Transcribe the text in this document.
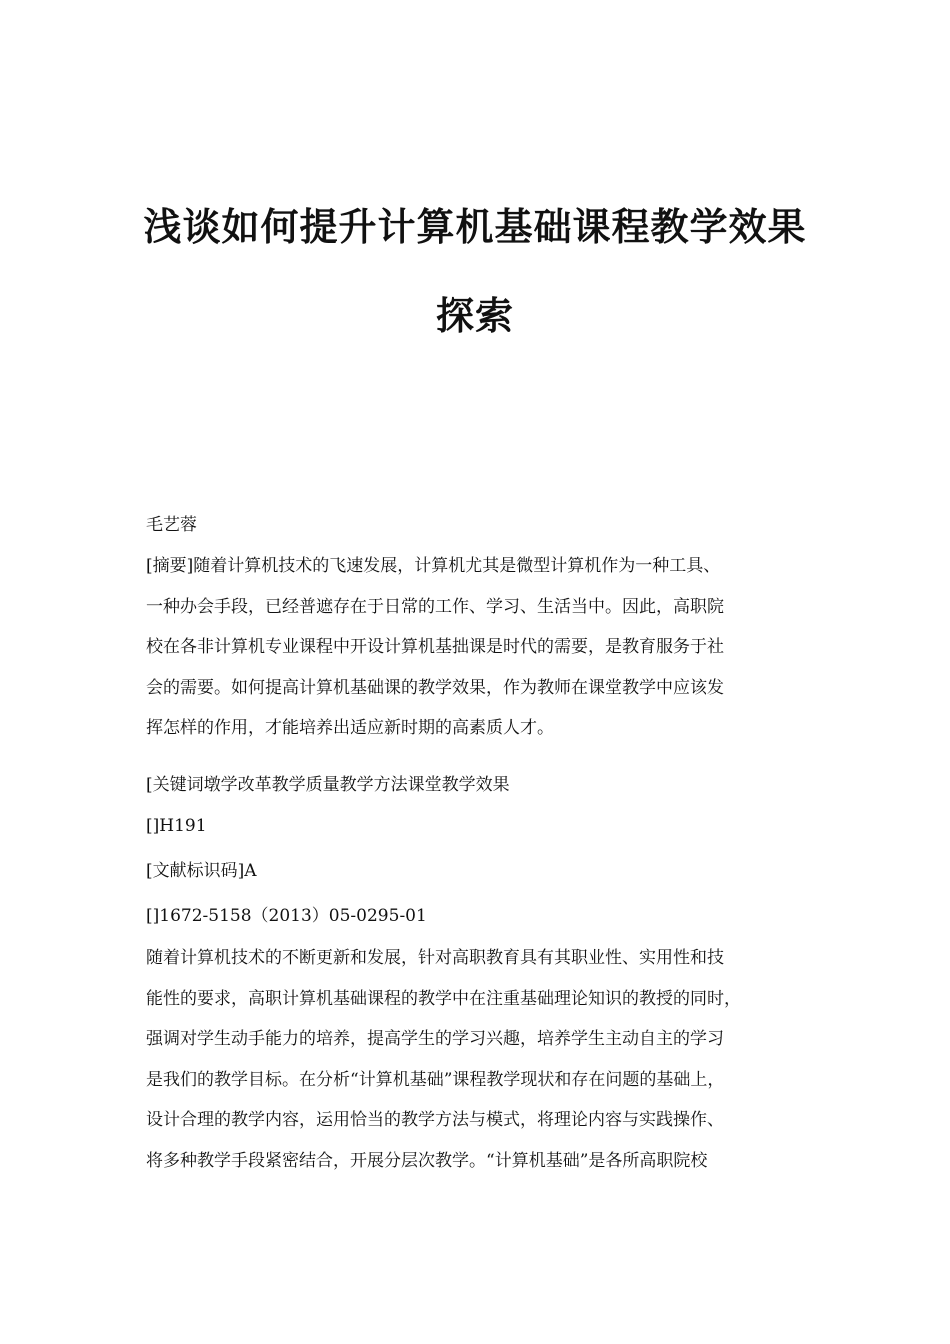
浅谈如何提升计算机基础课程教学效果
探索
毛艺蓉
[摘要]随着计算机技术的飞速发展，计算机尤其是微型计算机作为一种工具、
一种办会手段，已经普遮存在于日常的工作、学习、生活当中。因此，高职院
校在各非计算机专业课程中开设计算机基拙课是时代的需要，是教育服务于社
会的需要。如何提高计算机基础课的教学效果，作为教师在课堂教学中应该发
挥怎样的作用，才能培养出适应新时期的高素质人才。
[关键词墩学改革教学质量教学方法课堂教学效果
[]H191
[文献标识码]A
[]1672-5158（2013）05-0295-01
随着计算机技术的不断更新和发展，针对高职教育具有其职业性、实用性和技
能性的要求，高职计算机基础课程的教学中在注重基础理论知识的教授的同时，
强调对学生动手能力的培养，提高学生的学习兴趣，培养学生主动自主的学习
是我们的教学目标。在分析“计算机基础”课程教学现状和存在问题的基础上，
设计合理的教学内容，运用恰当的教学方法与模式，将理论内容与实践操作、
将多种教学手段紧密结合，开展分层次教学。“计算机基础”是各所高职院校
